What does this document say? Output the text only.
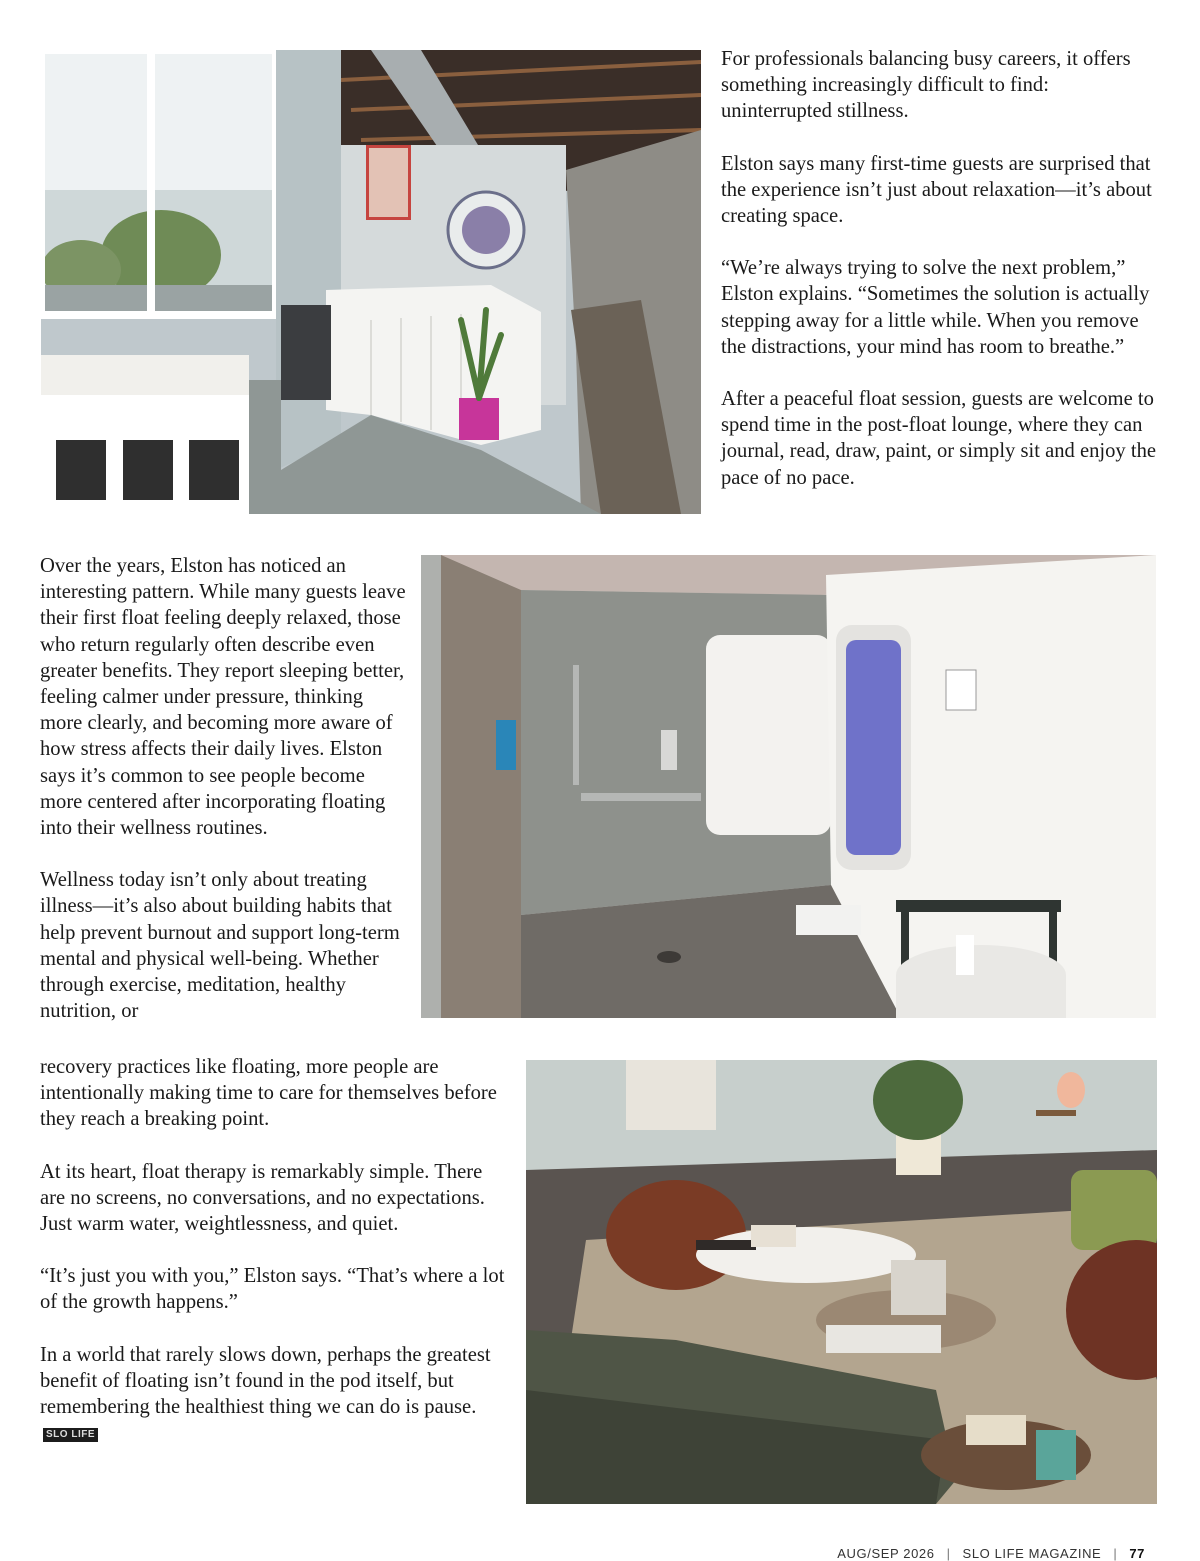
For professionals balancing busy careers, it offers something increasingly difficult to find: uninterrupted stillness.

Elston says many first-time guests are surprised that the experience isn’t just about relaxation—it’s about creating space.

“We’re always trying to solve the next problem,” Elston explains. “Sometimes the solution is actually stepping away for a little while. When you remove the distractions, your mind has room to breathe.”

After a peaceful float session, guests are welcome to spend time in the post-float lounge, where they can journal, read, draw, paint, or simply sit and enjoy the pace of no pace.

Over the years, Elston has noticed an interesting pattern. While many guests leave their first float feeling deeply relaxed, those who return regularly often describe even greater benefits. They report sleeping better, feeling calmer under pressure, thinking more clearly, and becoming more aware of how stress affects their daily lives. Elston says it’s common to see people become more centered after incorporating floating into their wellness routines.

Wellness today isn’t only about treating illness—it’s also about building habits that help prevent burnout and support long-term mental and physical well-being. Whether through exercise, meditation, healthy nutrition, or

recovery practices like floating, more people are intentionally making time to care for themselves before they reach a breaking point.

At its heart, float therapy is remarkably simple. There are no screens, no conversations, and no expectations. Just warm water, weightlessness, and quiet.

“It’s just you with you,” Elston says. “That’s where a lot of the growth happens.”

In a world that rarely slows down, perhaps the greatest benefit of floating isn’t found in the pod itself, but remembering the healthiest thing we can do is pause.SLO LIFE

AUG/SEP 2026 | SLO LIFE MAGAZINE | 77
